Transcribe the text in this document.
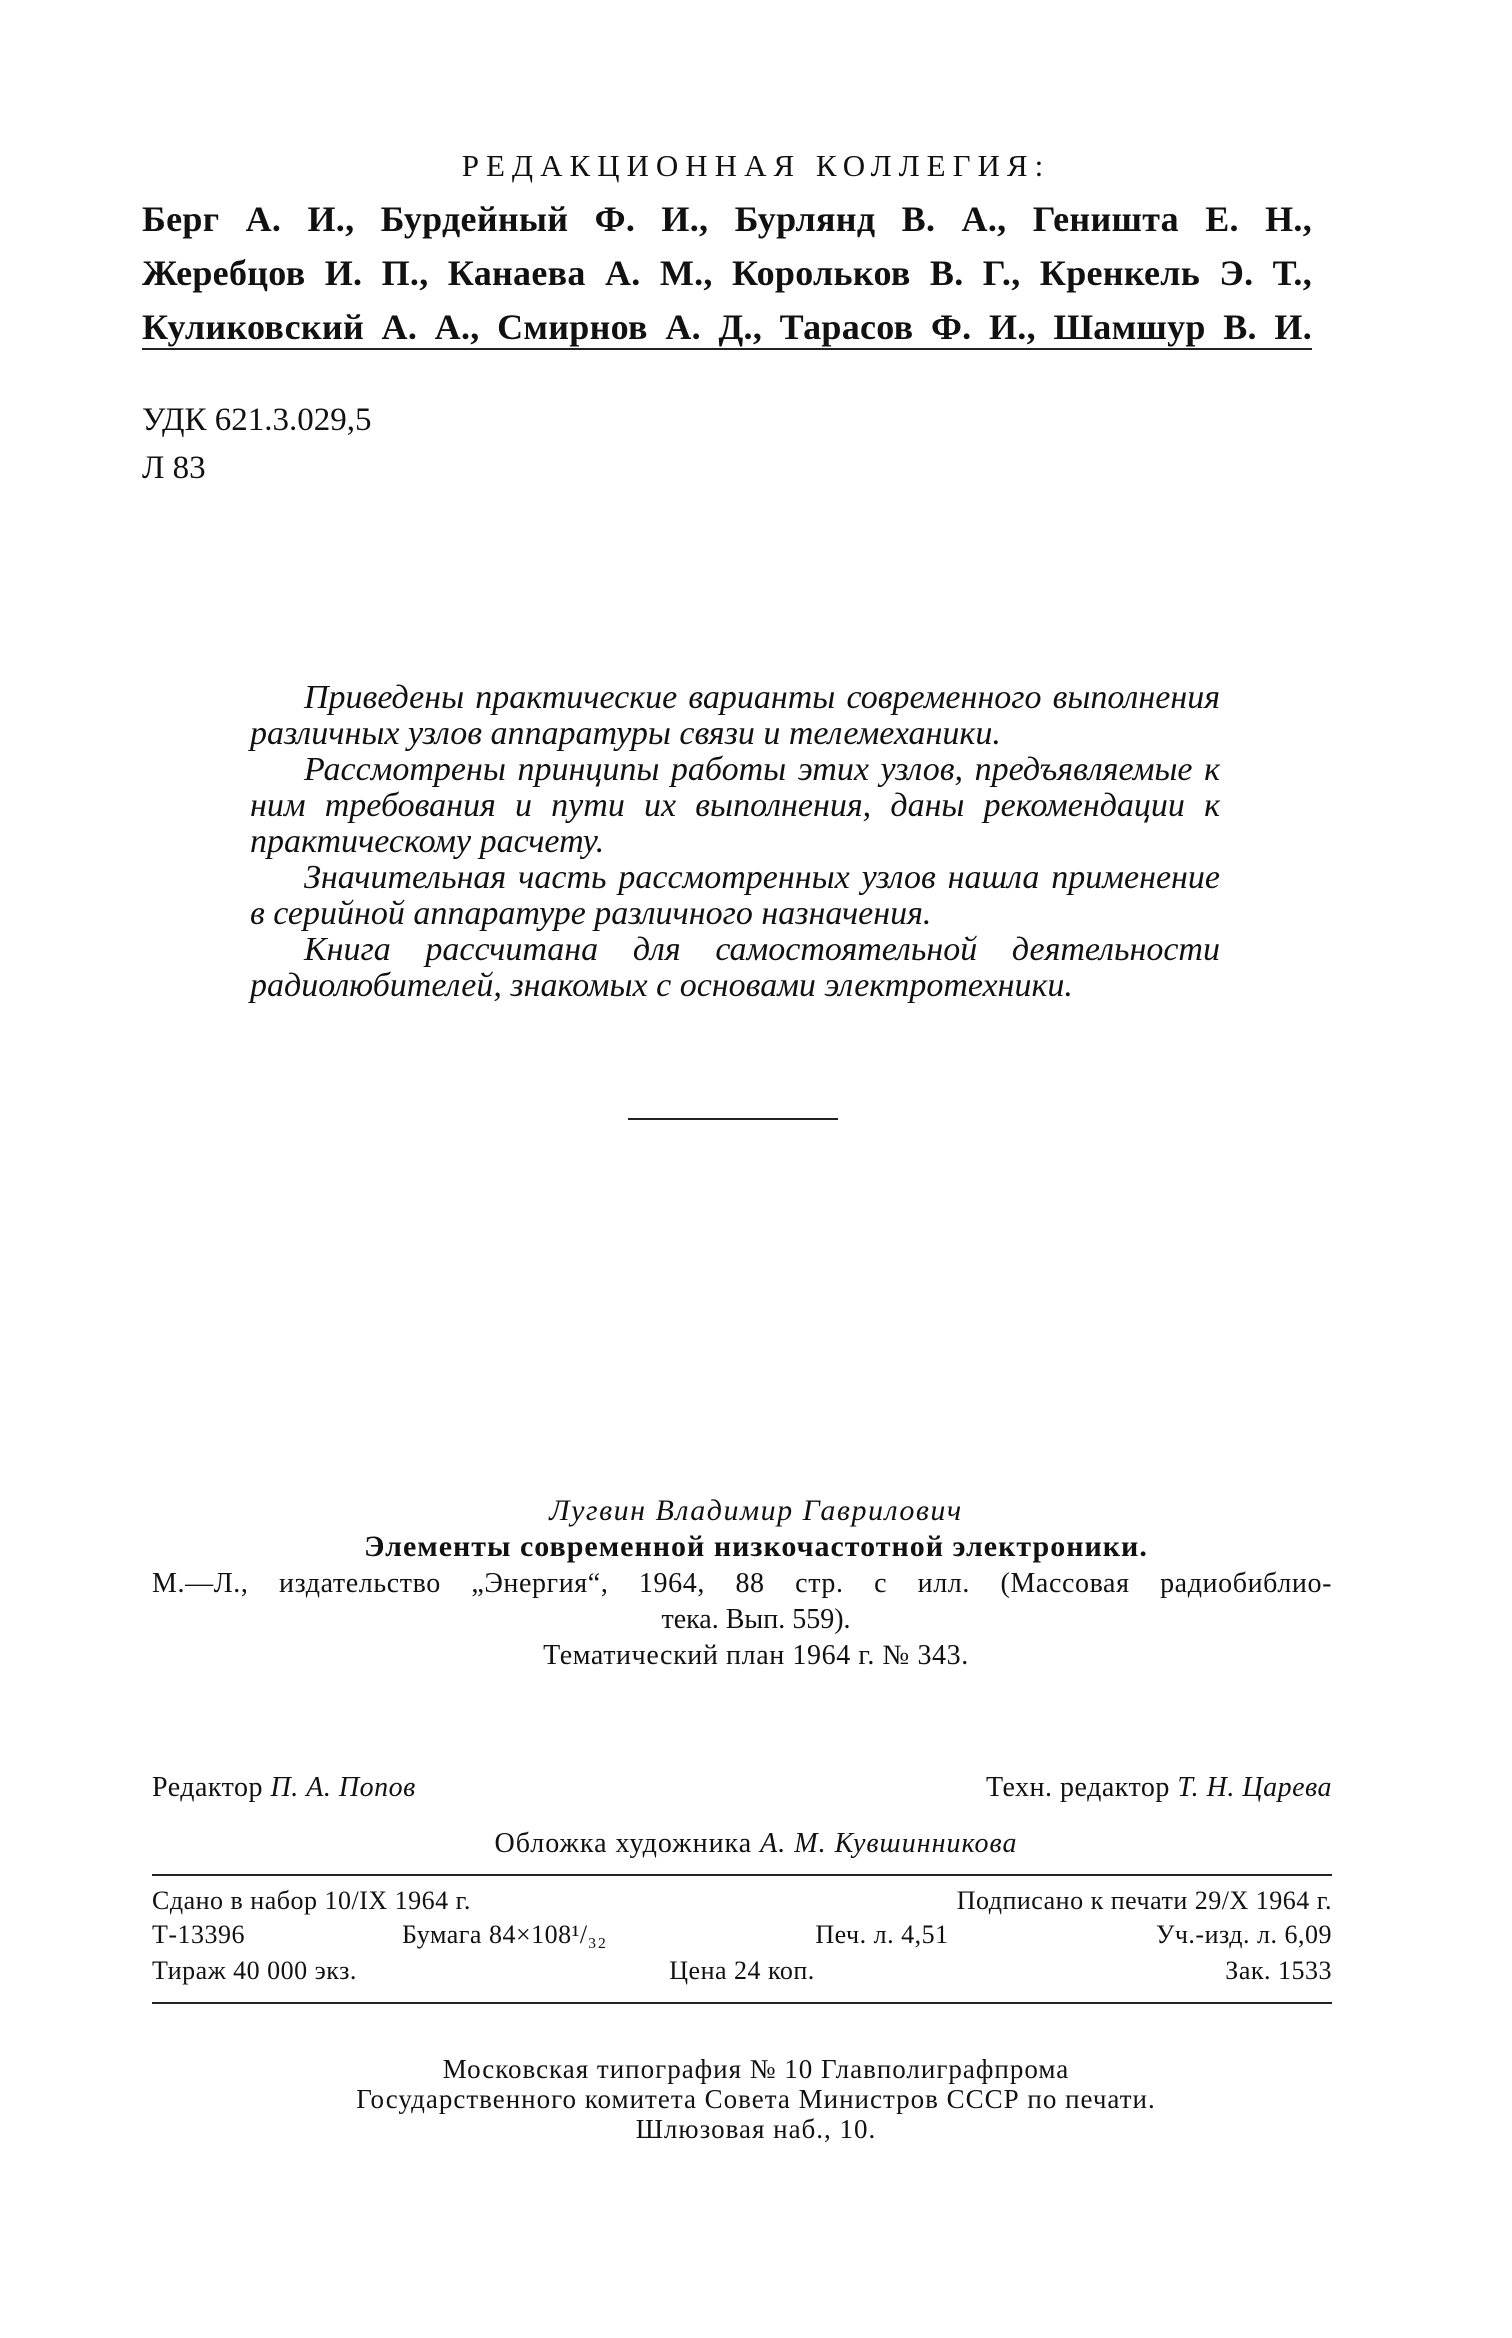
РЕДАКЦИОННАЯ КОЛЛЕГИЯ:
Берг А. И., Бурдейный Ф. И., Бурлянд В. А., Геништа Е. Н.,
Жеребцов И. П., Канаева А. М., Корольков В. Г., Кренкель Э. Т.,
Куликовский А. А., Смирнов А. Д., Тарасов Ф. И., Шамшур В. И.
УДК 621.3.029,5
Л 83

Приведены практические варианты современного выполнения различных узлов аппаратуры связи и телемеханики.

Рассмотрены принципы работы этих узлов, предъявляемые к ним требования и пути их выполнения, даны рекомендации к практическому расчету.

Значительная часть рассмотренных узлов нашла применение в серийной аппаратуре различного назначения.

Книга рассчитана для самостоятельной деятельности радиолюбителей, знакомых с основами электротехники.

Лугвин Владимир Гаврилович
Элементы современной низкочастотной электроники.
М.—Л., издательство „Энергия“, 1964, 88 стр. с илл. (Массовая радиобиблио-
тека. Вып. 559).
Тематический план 1964 г. № 343.
Редактор П. А. Попов	Техн. редактор Т. Н. Царева
Обложка художника А. М. Кувшинникова
Сдано в набор 10/IX 1964 г.	Подписано к печати 29/X 1964 г.
Т-13396	Бумага 84×108¹/₃₂	Печ. л. 4,51	Уч.-изд. л. 6,09
Тираж 40 000 экз.	Цена 24 коп.	Зак. 1533
Московская типография № 10 Главполиграфпрома
Государственного комитета Совета Министров СССР по печати.
Шлюзовая наб., 10.
